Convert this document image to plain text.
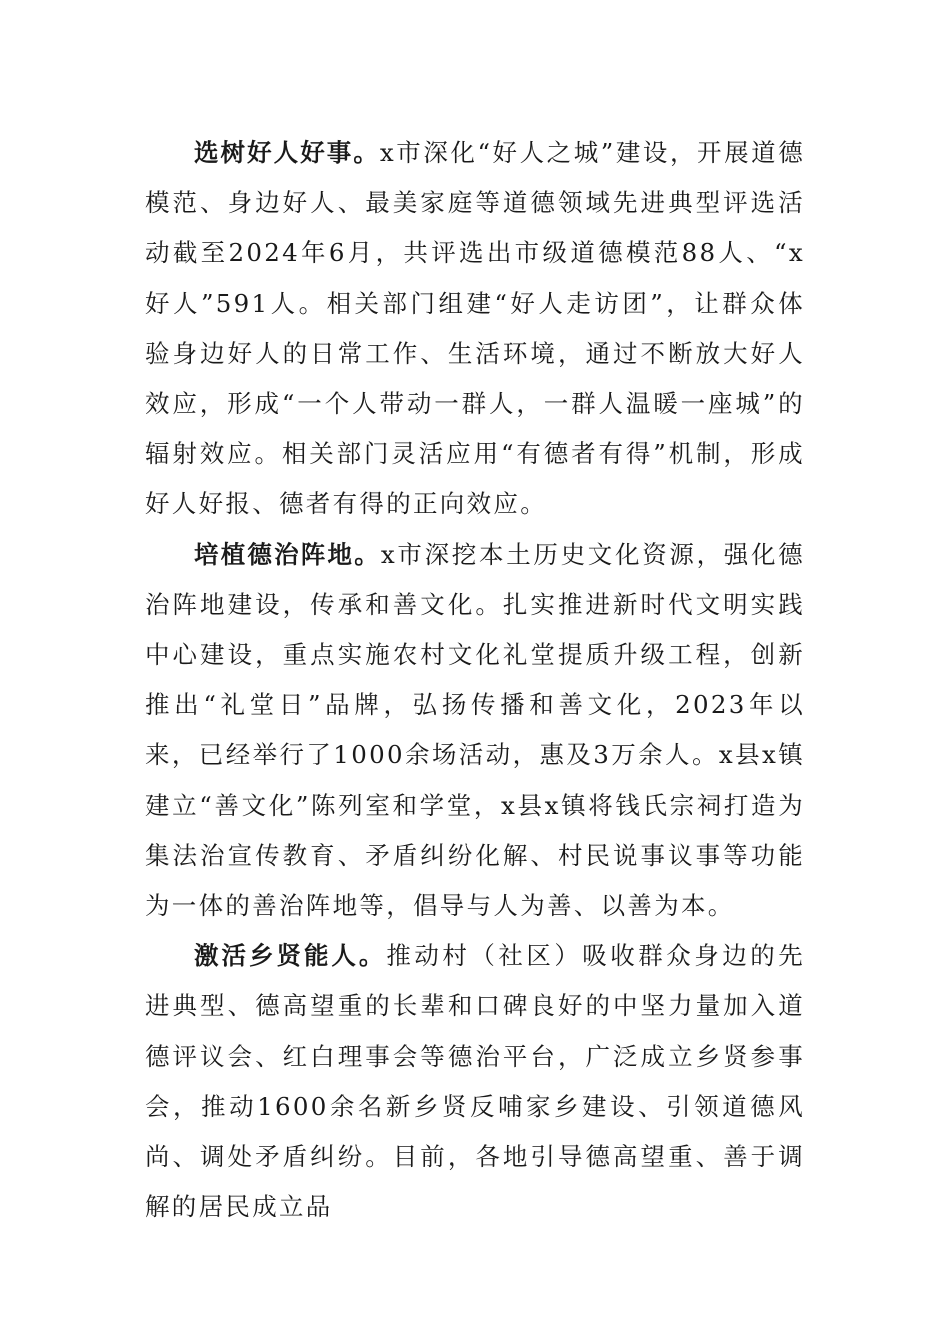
选树好人好事。x市深化“好人之城”建设，开展道德模范、身边好人、最美家庭等道德领域先进典型评选活动截至2024年6月，共评选出市级道德模范88人、“x好人”591人。相关部门组建“好人走访团”，让群众体验身边好人的日常工作、生活环境，通过不断放大好人效应，形成“一个人带动一群人，一群人温暖一座城”的辐射效应。相关部门灵活应用“有德者有得”机制，形成好人好报、德者有得的正向效应。

培植德治阵地。x市深挖本土历史文化资源，强化德治阵地建设，传承和善文化。扎实推进新时代文明实践中心建设，重点实施农村文化礼堂提质升级工程，创新推出“礼堂日”品牌，弘扬传播和善文化，2023年以来，已经举行了1000余场活动，惠及3万余人。x县x镇建立“善文化”陈列室和学堂，x县x镇将钱氏宗祠打造为集法治宣传教育、矛盾纠纷化解、村民说事议事等功能为一体的善治阵地等，倡导与人为善、以善为本。

激活乡贤能人。推动村（社区）吸收群众身边的先进典型、德高望重的长辈和口碑良好的中坚力量加入道德评议会、红白理事会等德治平台，广泛成立乡贤参事会，推动1600余名新乡贤反哺家乡建设、引领道德风尚、调处矛盾纠纷。目前，各地引导德高望重、善于调解的居民成立品
